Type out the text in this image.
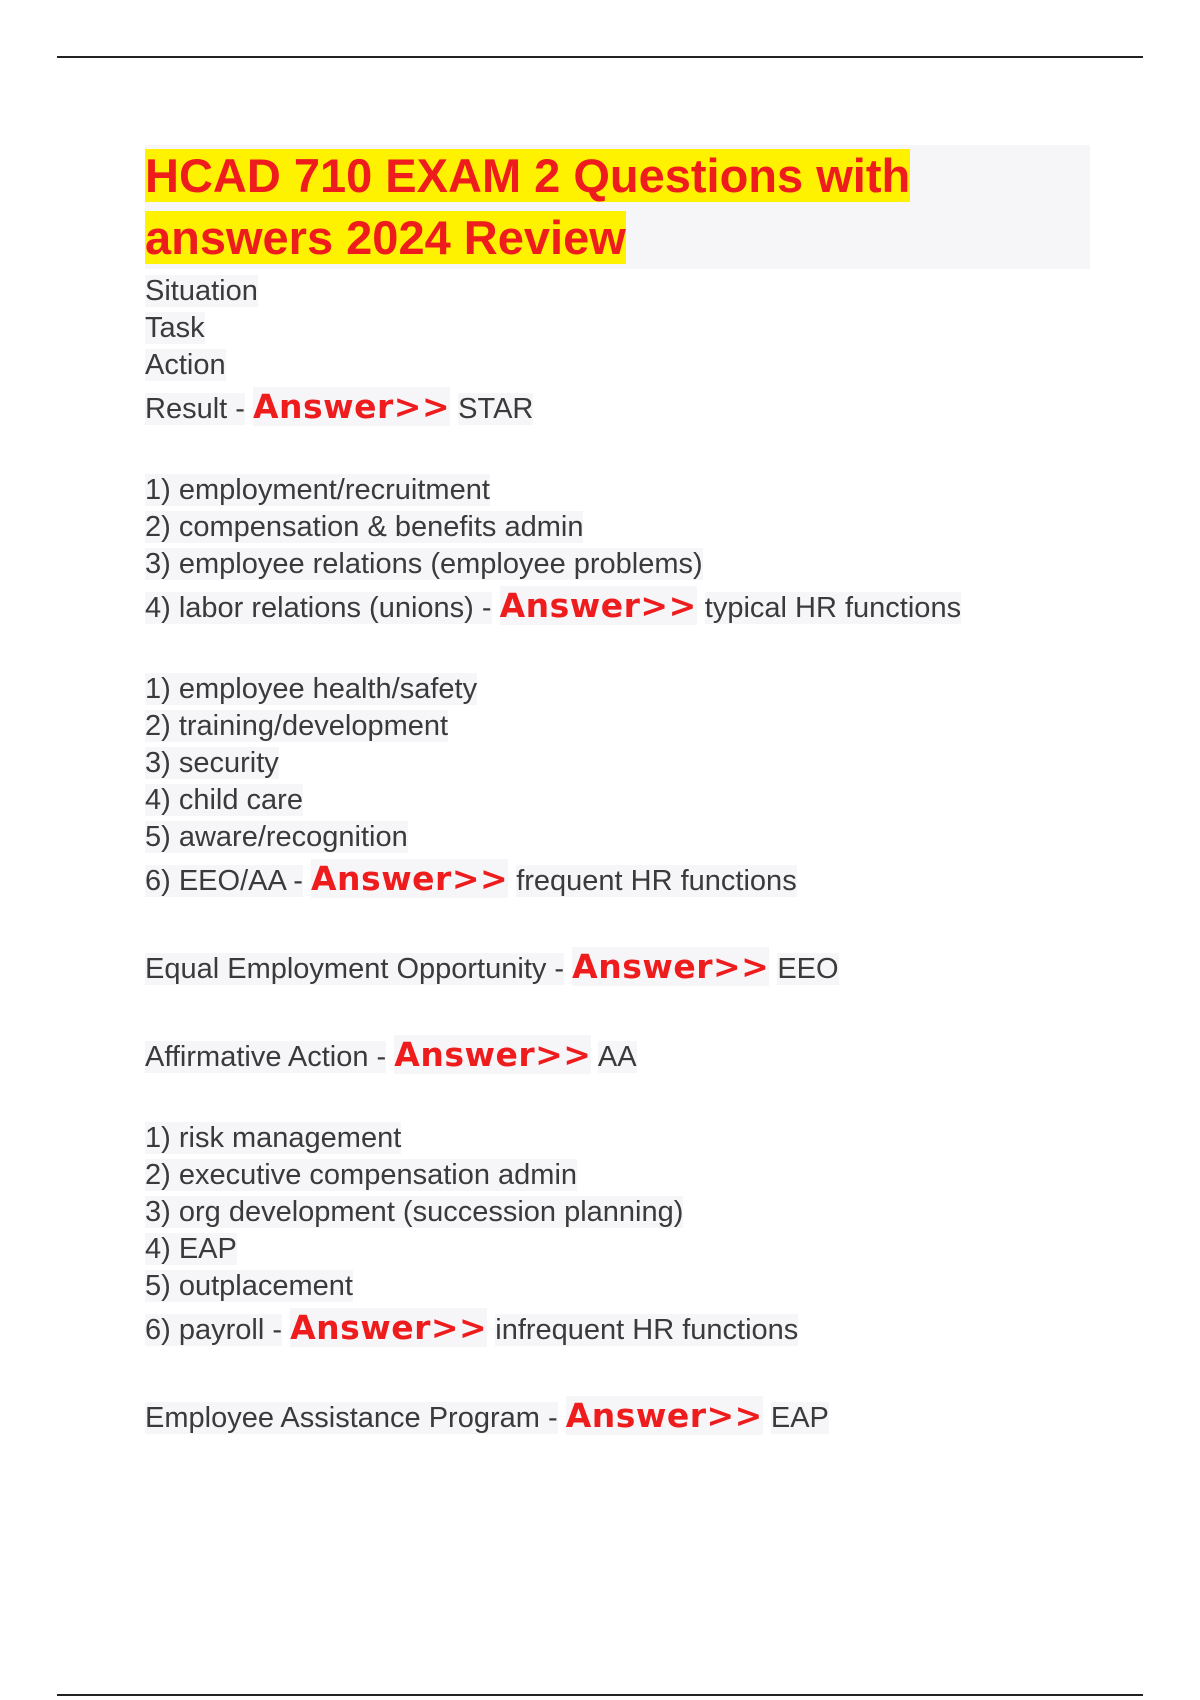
HCAD 710 EXAM 2 Questions with
answers 2024 Review
Situation
Task
Action
Result - Answer>> STAR
1) employment/recruitment
2) compensation & benefits admin
3) employee relations (employee problems)
4) labor relations (unions) - Answer>> typical HR functions
1) employee health/safety
2) training/development
3) security
4) child care
5) aware/recognition
6) EEO/AA - Answer>> frequent HR functions
Equal Employment Opportunity - Answer>> EEO
Affirmative Action - Answer>> AA
1) risk management
2) executive compensation admin
3) org development (succession planning)
4) EAP
5) outplacement
6) payroll - Answer>> infrequent HR functions
Employee Assistance Program - Answer>> EAP
